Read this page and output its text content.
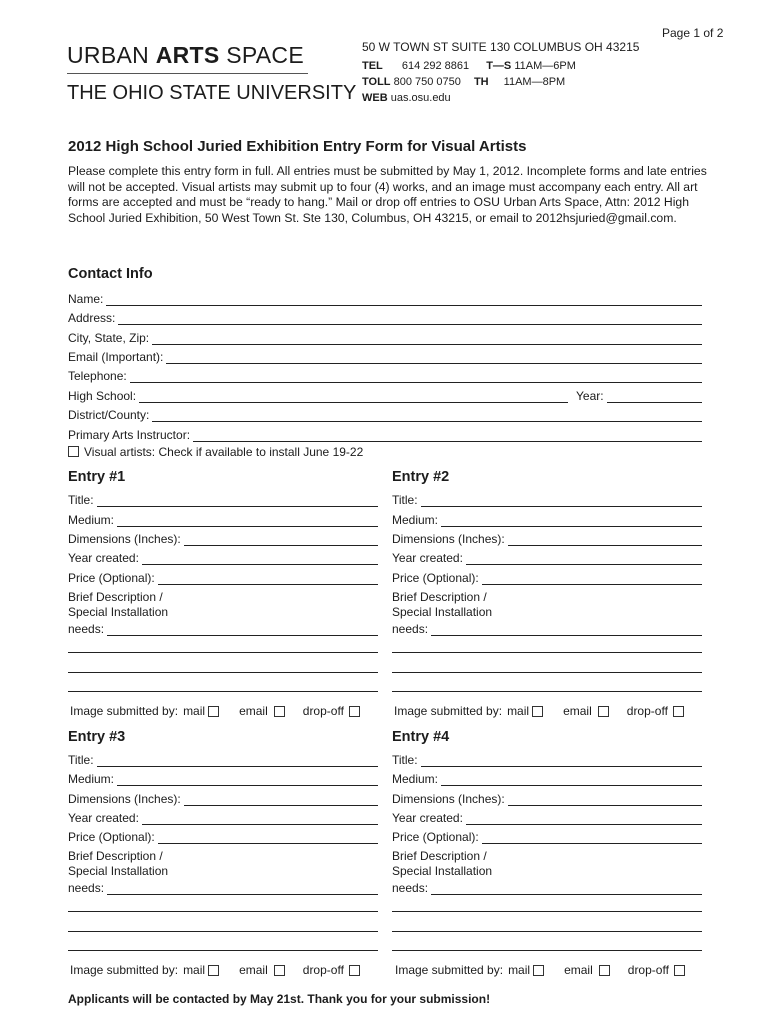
Page 1 of 2
URBAN ARTS SPACE
THE OHIO STATE UNIVERSITY
50 W TOWN ST SUITE 130 COLUMBUS OH 43215
TEL 614 292 8861 T—S 11AM—6PM
TOLL 800 750 0750 TH 11AM—8PM
WEB uas.osu.edu
2012 High School Juried Exhibition Entry Form for Visual Artists
Please complete this entry form in full. All entries must be submitted by May 1, 2012. Incomplete forms and late entries will not be accepted. Visual artists may submit up to four (4) works, and an image must accompany each entry. All art forms are accepted and must be “ready to hang.” Mail or drop off entries to OSU Urban Arts Space, Attn: 2012 High School Juried Exhibition, 50 West Town St. Ste 130, Columbus, OH 43215, or email to 2012hsjuried@gmail.com.
Contact Info
Name:
Address:
City, State, Zip:
Email (Important):
Telephone:
High School:	Year:
District/County:
Primary Arts Instructor:
Visual artists: Check if available to install June 19-22
Entry #1
Title:
Medium:
Dimensions (Inches):
Year created:
Price (Optional):
Brief Description /
Special Installation
needs:
Image submitted by: mail	email	drop-off
Entry #2
Title:
Medium:
Dimensions (Inches):
Year created:
Price (Optional):
Brief Description /
Special Installation
needs:
Image submitted by: mail	email	drop-off
Entry #3
Title:
Medium:
Dimensions (Inches):
Year created:
Price (Optional):
Brief Description /
Special Installation
needs:
Image submitted by: mail	email	drop-off
Entry #4
Title:
Medium:
Dimensions (Inches):
Year created:
Price (Optional):
Brief Description /
Special Installation
needs:
Image submitted by: mail	email	drop-off
Applicants will be contacted by May 21st. Thank you for your submission!
